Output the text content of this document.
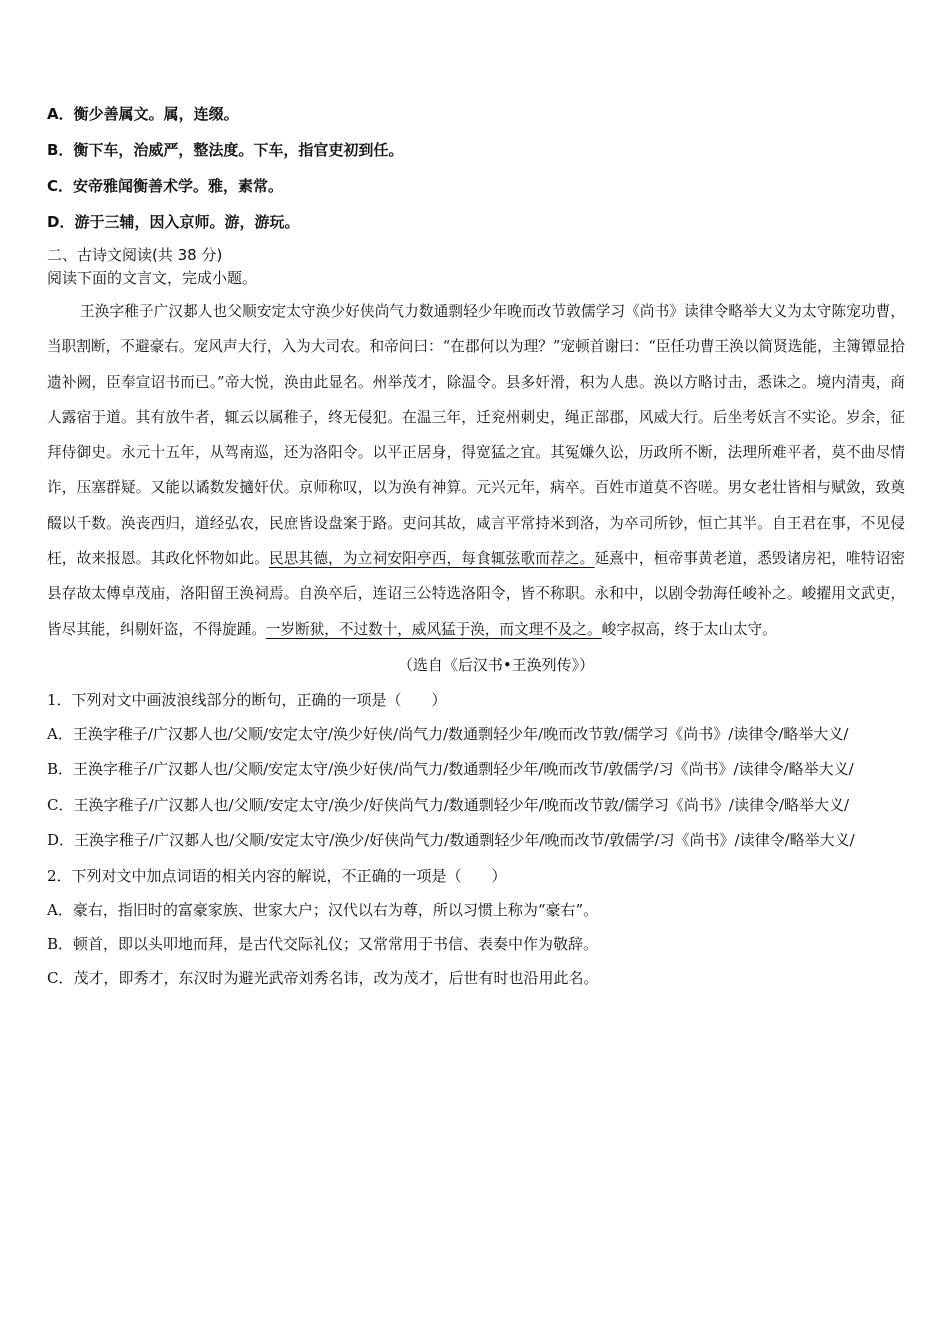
A．衡少善属文。属，连缀。
B．衡下车，治威严，整法度。下车，指官吏初到任。
C．安帝雅闻衡善术学。雅，素常。
D．游于三辅，因入京师。游，游玩。
二、古诗文阅读(共 38 分)
阅读下面的文言文，完成小题。
王涣字稚子广汉郪人也父顺安定太守涣少好侠尚气力数通剽轻少年晚而改节敦儒学习《尚书》读律令略举大义为太守陈宠功曹，当职割断，不避豪右。宠风声大行，入为大司农。和帝问曰：“在郡何以为理？”宠顿首谢曰：“臣任功曹王涣以简贤选能，主簿镡显拾遗补阙，臣奉宣诏书而已。”帝大悦，涣由此显名。州举茂才，除温令。县多奸滑，积为人患。涣以方略讨击，悉诛之。境内清夷，商人露宿于道。其有放牛者，辄云以属稚子，终无侵犯。在温三年，迁兖州刺史，绳正部郡，风威大行。后坐考妖言不实论。岁余，征拜侍御史。永元十五年，从驾南巡，还为洛阳令。以平正居身，得宽猛之宜。其冤嫌久讼，历政所不断，法理所难平者，莫不曲尽情诈，压塞群疑。又能以谲数发擿奸伏。京师称叹，以为涣有神算。元兴元年，病卒。百姓市道莫不咨嗟。男女老壮皆相与赋敛，致奠醊以千数。涣丧西归，道经弘农，民庶皆设盘案于路。吏问其故，咸言平常持米到洛，为卒司所钞，恒亡其半。自王君在事，不见侵枉，故来报恩。其政化怀物如此。民思其德，为立祠安阳亭西，每食辄弦歌而荐之。延熹中，桓帝事黄老道，悉毁诸房祀，唯特诏密县存故太傅卓茂庙，洛阳留王涣祠焉。自涣卒后，连诏三公特选洛阳令，皆不称职。永和中，以剧令勃海任峻补之。峻擢用文武吏，皆尽其能，纠剔奸盗，不得旋踵。一岁断狱，不过数十，威风猛于涣，而文理不及之。峻字叔高，终于太山太守。
（选自《后汉书•王涣列传》）
1．下列对文中画波浪线部分的断句，正确的一项是（　　）
A．王涣字稚子/广汉郪人也/父顺/安定太守/涣少好侠/尚气力/数通剽轻少年/晚而改节敦/儒学习《尚书》/读律令/略举大义/
B．王涣字稚子/广汉郪人也/父顺/安定太守/涣少好侠/尚气力/数通剽轻少年/晚而改节/敦儒学/习《尚书》/读律令/略举大义/
C．王涣字稚子/广汉郪人也/父顺/安定太守/涣少/好侠尚气力/数通剽轻少年/晚而改节敦/儒学习《尚书》/读律令/略举大义/
D．王涣字稚子/广汉郪人也/父顺/安定太守/涣少/好侠尚气力/数通剽轻少年/晚而改节/敦儒学/习《尚书》/读律令/略举大义/
2．下列对文中加点词语的相关内容的解说，不正确的一项是（　　）
A．豪右，指旧时的富豪家族、世家大户；汉代以右为尊，所以习惯上称为“豪右”。
B．顿首，即以头叩地而拜，是古代交际礼仪；又常常用于书信、表奏中作为敬辞。
C．茂才，即秀才，东汉时为避光武帝刘秀名讳，改为茂才，后世有时也沿用此名。
